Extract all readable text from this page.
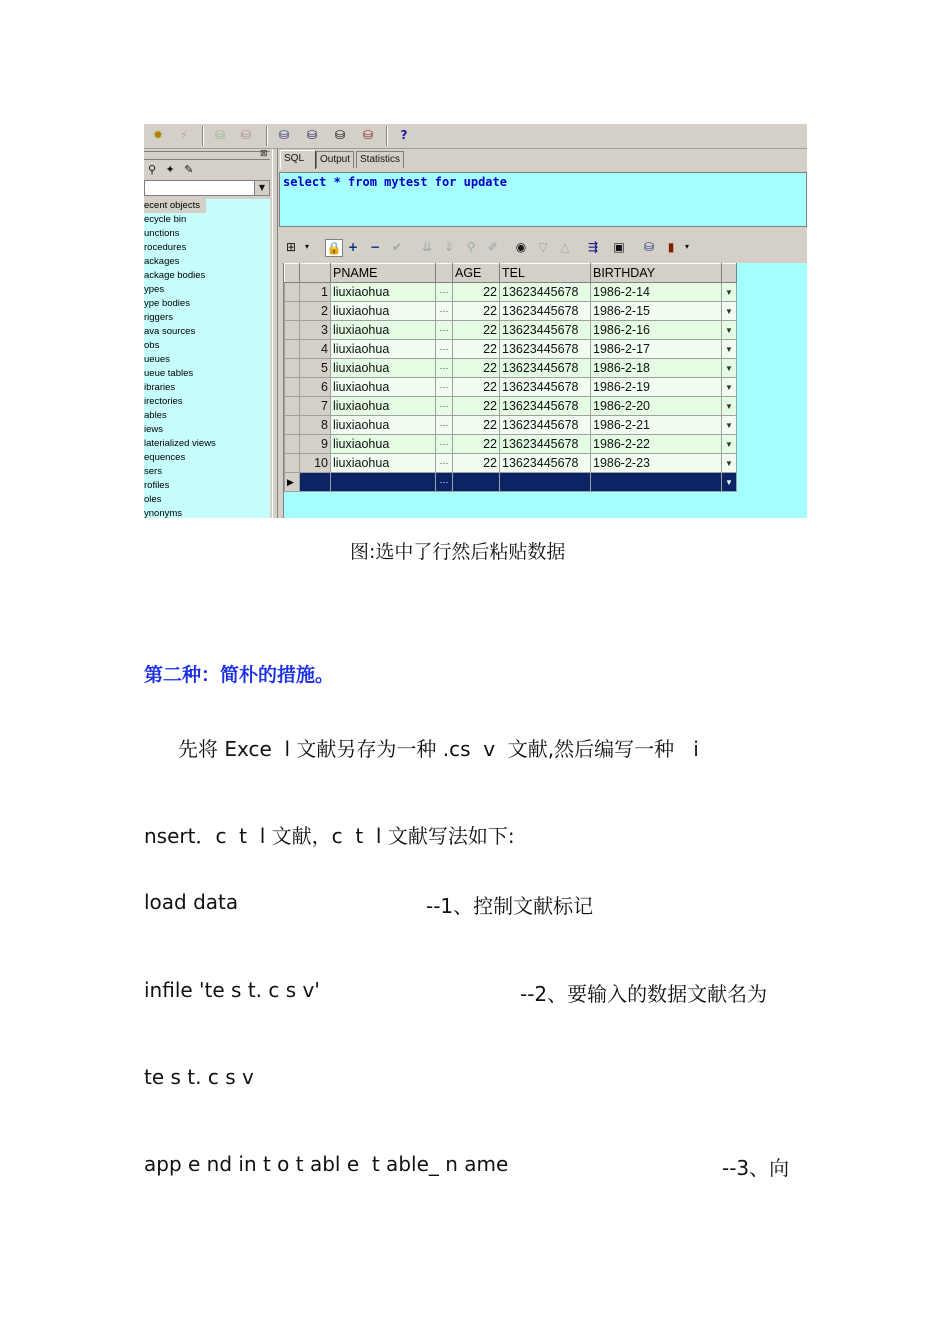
✹	⚡	⛁ ⛁ ⛁ ⛁ ⛁ ⛁	?
⊠
⚲ ✦ ✎
▼
ecent objects
ecycle bin
unctions
rocedures
ackages
ackage bodies
ypes
ype bodies
riggers
ava sources
obs
ueues
ueue tables
ibraries
irectories
ables
iews
laterialized views
equences
sers
rofiles
oles
ynonyms
SQL	Output Statistics
select * from mytest for update
⊞	▾	🔒 + − ✔ ⇊ ⇓ ⚲	✐ ◉ ▽ △ ⇶ ▣ ⛁	▮	▾
		PNAME		AGE	TEL	BIRTHDAY	
	1	liuxiaohua	···	22	13623445678	1986-2-14	▼
	2	liuxiaohua	···	22	13623445678	1986-2-15	▼
	3	liuxiaohua	···	22	13623445678	1986-2-16	▼
	4	liuxiaohua	···	22	13623445678	1986-2-17	▼
	5	liuxiaohua	···	22	13623445678	1986-2-18	▼
	6	liuxiaohua	···	22	13623445678	1986-2-19	▼
	7	liuxiaohua	···	22	13623445678	1986-2-20	▼
	8	liuxiaohua	···	22	13623445678	1986-2-21	▼
	9	liuxiaohua	···	22	13623445678	1986-2-22	▼
	10	liuxiaohua	···	22	13623445678	1986-2-23	▼
▶			···				▼
图:选中了行然后粘贴数据
第二种：简朴的措施。
先将 Exce  l 文献另存为一种 .cs  v  文献,然后编写一种   i
nsert．c  t  l 文献，c  t  l 文献写法如下:
load data	--1、控制文献标记
infile 'te s t. c s v'	--2、要输入的数据文献名为
te s t. c s v
app e nd in t o t abl e  t able_ n ame	--3、向
